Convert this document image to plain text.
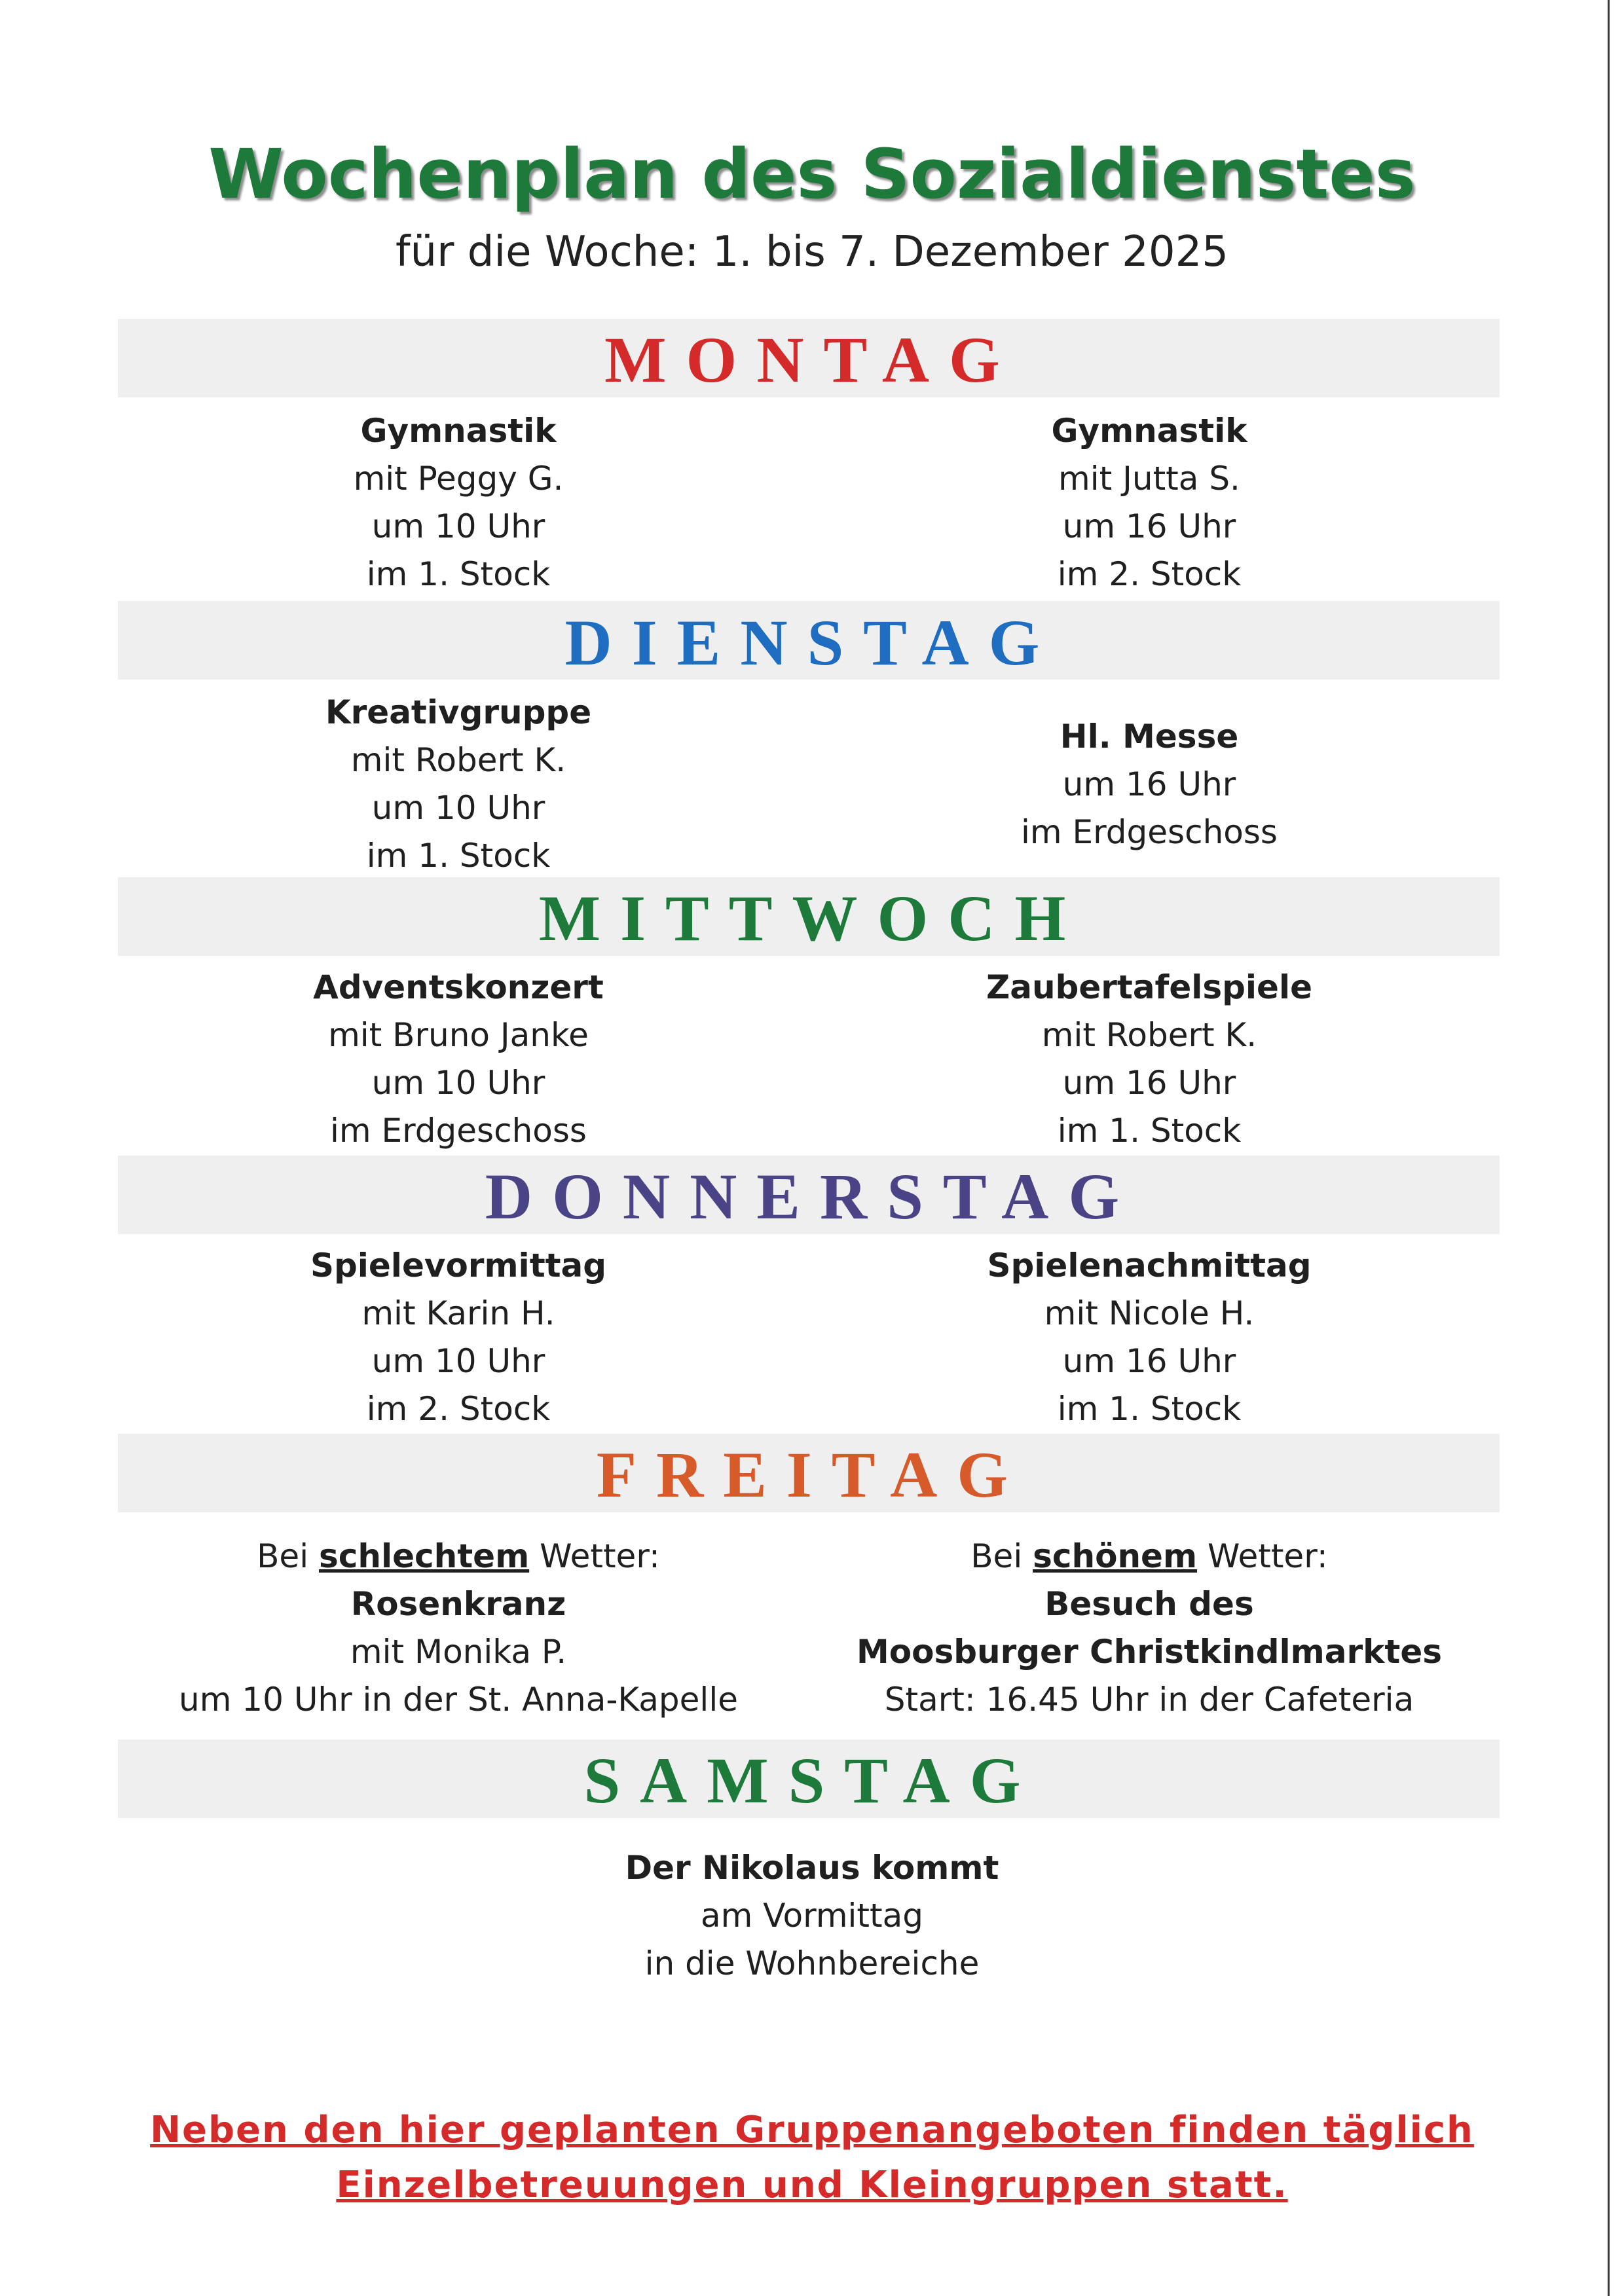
Wochenplan des Sozialdienstes
für die Woche: 1. bis 7. Dezember 2025
MONTAG
Gymnastik
mit Peggy G.
um 10 Uhr
im 1. Stock
Gymnastik
mit Jutta S.
um 16 Uhr
im 2. Stock
DIENSTAG
Kreativgruppe
mit Robert K.
um 10 Uhr
im 1. Stock
Hl. Messe
um 16 Uhr
im Erdgeschoss
MITTWOCH
Adventskonzert
mit Bruno Janke
um 10 Uhr
im Erdgeschoss
Zaubertafelspiele
mit Robert K.
um 16 Uhr
im 1. Stock
DONNERSTAG
Spielevormittag
mit Karin H.
um 10 Uhr
im 2. Stock
Spielenachmittag
mit Nicole H.
um 16 Uhr
im 1. Stock
FREITAG
Bei schlechtem Wetter:
Rosenkranz
mit Monika P.
um 10 Uhr in der St. Anna-Kapelle
Bei schönem Wetter:
Besuch des
Moosburger Christkindlmarktes
Start: 16.45 Uhr in der Cafeteria
SAMSTAG
Der Nikolaus kommt
am Vormittag
in die Wohnbereiche
Neben den hier geplanten Gruppenangeboten finden täglich
Einzelbetreuungen und Kleingruppen statt.
